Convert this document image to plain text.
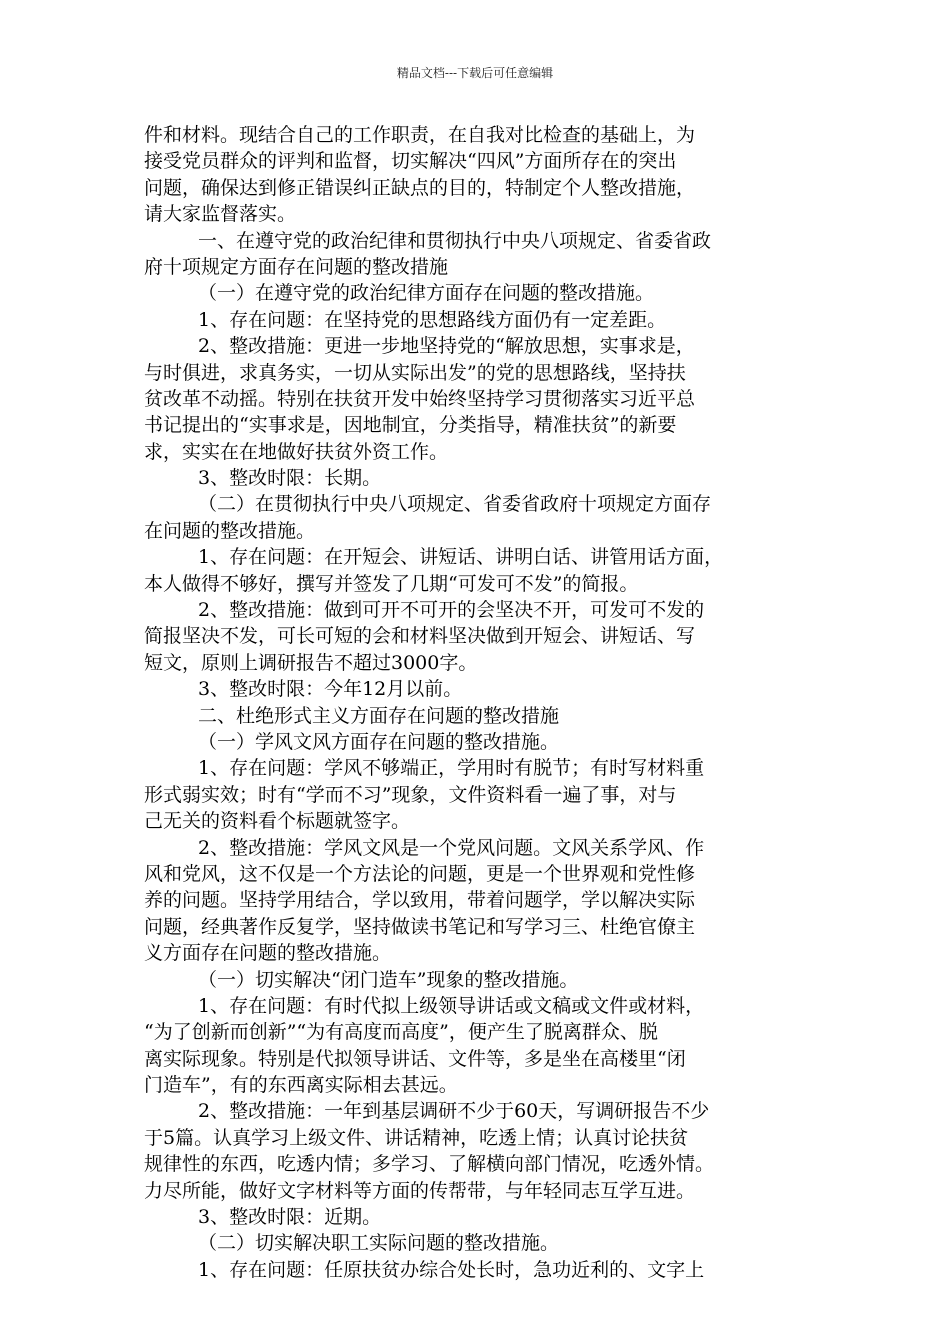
精品文档---下载后可任意编辑
件和材料。现结合自己的工作职责，在自我对比检查的基础上，为
接受党员群众的评判和监督，切实解决“四风”方面所存在的突出
问题，确保达到修正错误纠正缺点的目的，特制定个人整改措施，
请大家监督落实。
一、在遵守党的政治纪律和贯彻执行中央八项规定、省委省政
府十项规定方面存在问题的整改措施
（一）在遵守党的政治纪律方面存在问题的整改措施。
1、存在问题：在坚持党的思想路线方面仍有一定差距。
2、整改措施：更进一步地坚持党的“解放思想，实事求是，
与时俱进，求真务实，一切从实际出发”的党的思想路线，坚持扶
贫改革不动摇。特别在扶贫开发中始终坚持学习贯彻落实习近平总
书记提出的“实事求是，因地制宜，分类指导，精准扶贫”的新要
求，实实在在地做好扶贫外资工作。
3、整改时限：长期。
（二）在贯彻执行中央八项规定、省委省政府十项规定方面存
在问题的整改措施。
1、存在问题：在开短会、讲短话、讲明白话、讲管用话方面，
本人做得不够好，撰写并签发了几期“可发可不发”的简报。
2、整改措施：做到可开不可开的会坚决不开，可发可不发的
简报坚决不发，可长可短的会和材料坚决做到开短会、讲短话、写
短文，原则上调研报告不超过3000字。
3、整改时限：今年12月以前。
二、杜绝形式主义方面存在问题的整改措施
（一）学风文风方面存在问题的整改措施。
1、存在问题：学风不够端正，学用时有脱节；有时写材料重
形式弱实效；时有“学而不习”现象，文件资料看一遍了事，对与
己无关的资料看个标题就签字。
2、整改措施：学风文风是一个党风问题。文风关系学风、作
风和党风，这不仅是一个方法论的问题，更是一个世界观和党性修
养的问题。坚持学用结合，学以致用，带着问题学，学以解决实际
问题，经典著作反复学，坚持做读书笔记和写学习三、杜绝官僚主
义方面存在问题的整改措施。
（一）切实解决“闭门造车”现象的整改措施。
1、存在问题：有时代拟上级领导讲话或文稿或文件或材料，
“为了创新而创新”“为有高度而高度”，便产生了脱离群众、脱
离实际现象。特别是代拟领导讲话、文件等，多是坐在高楼里“闭
门造车”，有的东西离实际相去甚远。
2、整改措施：一年到基层调研不少于60天，写调研报告不少
于5篇。认真学习上级文件、讲话精神，吃透上情；认真讨论扶贫
规律性的东西，吃透内情；多学习、了解横向部门情况，吃透外情。
力尽所能，做好文字材料等方面的传帮带，与年轻同志互学互进。
3、整改时限：近期。
（二）切实解决职工实际问题的整改措施。
1、存在问题：任原扶贫办综合处长时，急功近利的、文字上
